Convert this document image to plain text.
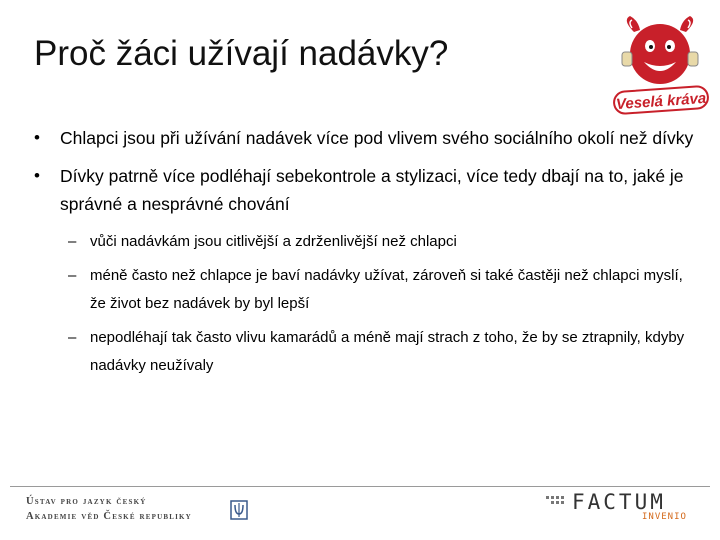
Proč žáci užívají nadávky?
Veselá kráva
• Chlapci jsou při užívání nadávek více pod vlivem svého sociálního okolí než dívky
• Dívky patrně více podléhají sebekontrole a stylizaci, více tedy dbají na to, jaké je správné a nesprávné chování
– vůči nadávkám jsou citlivější a zdrženlivější než chlapci
– méně často než chlapce je baví nadávky užívat, zároveň si také častěji než chlapci myslí, že život bez nadávek by byl lepší
– nepodléhají tak často vlivu kamarádů a méně mají strach z toho, že by se ztrapnily, kdyby nadávky neužívaly
Ústav pro jazyk český
Akademie věd České republiky
FACTUM
INVENIO
